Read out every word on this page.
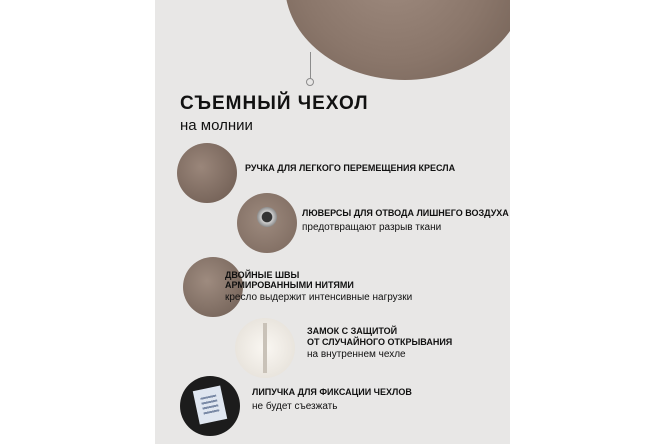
СЪЕМНЫЙ ЧЕХОЛ
на молнии
РУЧКА ДЛЯ ЛЕГКОГО ПЕРЕМЕЩЕНИЯ КРЕСЛА
ЛЮВЕРСЫ ДЛЯ ОТВОДА ЛИШНЕГО ВОЗДУХА
предотвращают разрыв ткани
ДВОЙНЫЕ ШВЫ
АРМИРОВАННЫМИ НИТЯМИ
кресло выдержит интенсивные нагрузки
ЗАМОК С ЗАЩИТОЙ
ОТ СЛУЧАЙНОГО ОТКРЫВАНИЯ
на внутреннем чехле
ЛИПУЧКА ДЛЯ ФИКСАЦИИ ЧЕХЛОВ
не будет съезжать
